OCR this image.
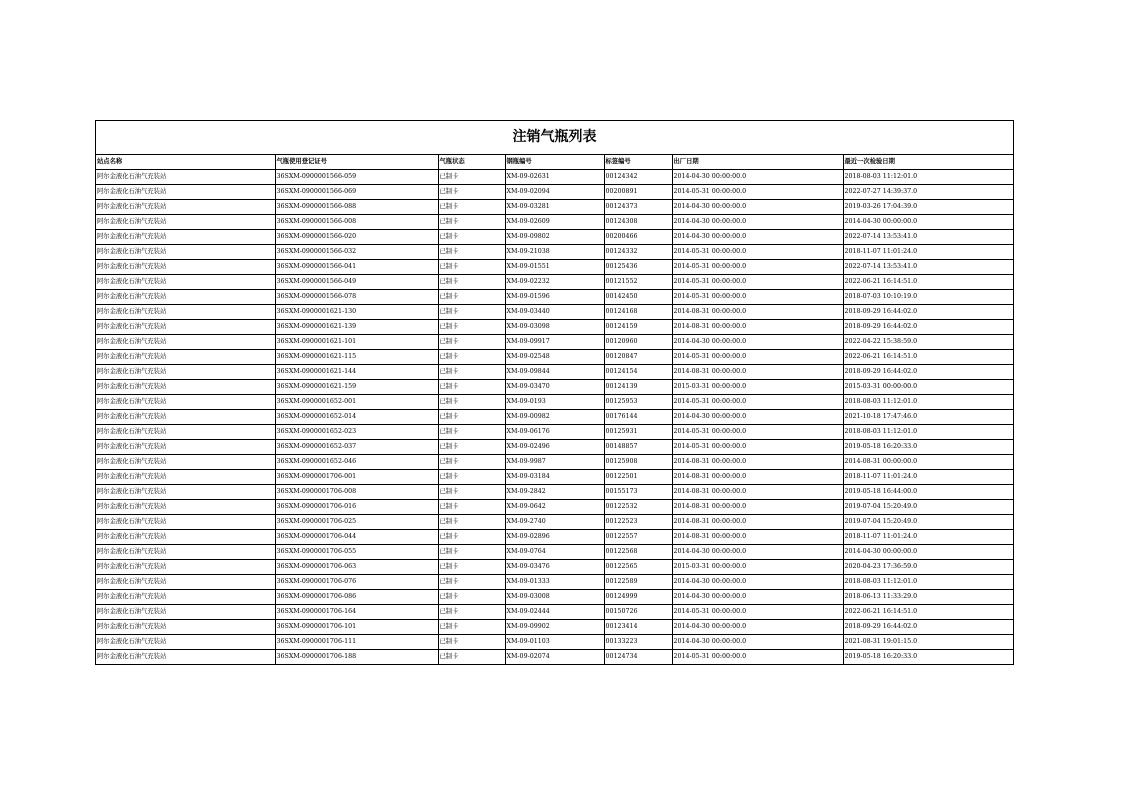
注销气瓶列表
站点名称	气瓶使用登记证号	气瓶状态	钢瓶编号	标签编号	出厂日期	最近一次检验日期
阿尔金液化石油气充装站	36SXM-0900001566-059	已制卡	XM-09-02631	00124342	2014-04-30 00:00:00.0	2018-08-03 11:12:01.0
阿尔金液化石油气充装站	36SXM-0900001566-069	已制卡	XM-09-02094	00200891	2014-05-31 00:00:00.0	2022-07-27 14:39:37.0
阿尔金液化石油气充装站	36SXM-0900001566-088	已制卡	XM-09-03281	00124373	2014-04-30 00:00:00.0	2019-03-26 17:04:39.0
阿尔金液化石油气充装站	36SXM-0900001566-008	已制卡	XM-09-02609	00124308	2014-04-30 00:00:00.0	2014-04-30 00:00:00.0
阿尔金液化石油气充装站	36SXM-0900001566-020	已制卡	XM-09-09802	00200466	2014-04-30 00:00:00.0	2022-07-14 13:53:41.0
阿尔金液化石油气充装站	36SXM-0900001566-032	已制卡	XM-09-21038	00124332	2014-05-31 00:00:00.0	2018-11-07 11:01:24.0
阿尔金液化石油气充装站	36SXM-0900001566-041	已制卡	XM-09-01551	00125436	2014-05-31 00:00:00.0	2022-07-14 13:53:41.0
阿尔金液化石油气充装站	36SXM-0900001566-049	已制卡	XM-09-02232	00121552	2014-05-31 00:00:00.0	2022-06-21 16:14:51.0
阿尔金液化石油气充装站	36SXM-0900001566-078	已制卡	XM-09-01596	00142450	2014-05-31 00:00:00.0	2018-07-03 10:10:19.0
阿尔金液化石油气充装站	36SXM-0900001621-130	已制卡	XM-09-03440	00124168	2014-08-31 00:00:00.0	2018-09-29 16:44:02.0
阿尔金液化石油气充装站	36SXM-0900001621-139	已制卡	XM-09-03098	00124159	2014-08-31 00:00:00.0	2018-09-29 16:44:02.0
阿尔金液化石油气充装站	36SXM-0900001621-101	已制卡	XM-09-09917	00120960	2014-04-30 00:00:00.0	2022-04-22 15:38:59.0
阿尔金液化石油气充装站	36SXM-0900001621-115	已制卡	XM-09-02548	00120847	2014-05-31 00:00:00.0	2022-06-21 16:14:51.0
阿尔金液化石油气充装站	36SXM-0900001621-144	已制卡	XM-09-09844	00124154	2014-08-31 00:00:00.0	2018-09-29 16:44:02.0
阿尔金液化石油气充装站	36SXM-0900001621-159	已制卡	XM-09-03470	00124139	2015-03-31 00:00:00.0	2015-03-31 00:00:00.0
阿尔金液化石油气充装站	36SXM-0900001652-001	已制卡	XM-09-0193	00125953	2014-05-31 00:00:00.0	2018-08-03 11:12:01.0
阿尔金液化石油气充装站	36SXM-0900001652-014	已制卡	XM-09-00982	00176144	2014-04-30 00:00:00.0	2021-10-18 17:47:46.0
阿尔金液化石油气充装站	36SXM-0900001652-023	已制卡	XM-09-06176	00125931	2014-05-31 00:00:00.0	2018-08-03 11:12:01.0
阿尔金液化石油气充装站	36SXM-0900001652-037	已制卡	XM-09-02496	00148857	2014-05-31 00:00:00.0	2019-05-18 16:20:33.0
阿尔金液化石油气充装站	36SXM-0900001652-046	已制卡	XM-09-9987	00125908	2014-08-31 00:00:00.0	2014-08-31 00:00:00.0
阿尔金液化石油气充装站	36SXM-0900001706-001	已制卡	XM-09-03184	00122501	2014-08-31 00:00:00.0	2018-11-07 11:01:24.0
阿尔金液化石油气充装站	36SXM-0900001706-008	已制卡	XM-09-2842	00155173	2014-08-31 00:00:00.0	2019-05-18 16:44:00.0
阿尔金液化石油气充装站	36SXM-0900001706-016	已制卡	XM-09-0642	00122532	2014-08-31 00:00:00.0	2019-07-04 15:20:49.0
阿尔金液化石油气充装站	36SXM-0900001706-025	已制卡	XM-09-2740	00122523	2014-08-31 00:00:00.0	2019-07-04 15:20:49.0
阿尔金液化石油气充装站	36SXM-0900001706-044	已制卡	XM-09-02896	00122557	2014-08-31 00:00:00.0	2018-11-07 11:01:24.0
阿尔金液化石油气充装站	36SXM-0900001706-055	已制卡	XM-09-0764	00122568	2014-04-30 00:00:00.0	2014-04-30 00:00:00.0
阿尔金液化石油气充装站	36SXM-0900001706-063	已制卡	XM-09-03476	00122565	2015-03-31 00:00:00.0	2020-04-23 17:36:59.0
阿尔金液化石油气充装站	36SXM-0900001706-076	已制卡	XM-09-01333	00122589	2014-04-30 00:00:00.0	2018-08-03 11:12:01.0
阿尔金液化石油气充装站	36SXM-0900001706-086	已制卡	XM-09-03008	00124999	2014-04-30 00:00:00.0	2018-06-13 11:33:29.0
阿尔金液化石油气充装站	36SXM-0900001706-164	已制卡	XM-09-02444	00150726	2014-05-31 00:00:00.0	2022-06-21 16:14:51.0
阿尔金液化石油气充装站	36SXM-0900001706-101	已制卡	XM-09-09902	00123414	2014-04-30 00:00:00.0	2018-09-29 16:44:02.0
阿尔金液化石油气充装站	36SXM-0900001706-111	已制卡	XM-09-01103	00133223	2014-04-30 00:00:00.0	2021-08-31 19:01:15.0
阿尔金液化石油气充装站	36SXM-0900001706-188	已制卡	XM-09-02074	00124734	2014-05-31 00:00:00.0	2019-05-18 16:20:33.0
